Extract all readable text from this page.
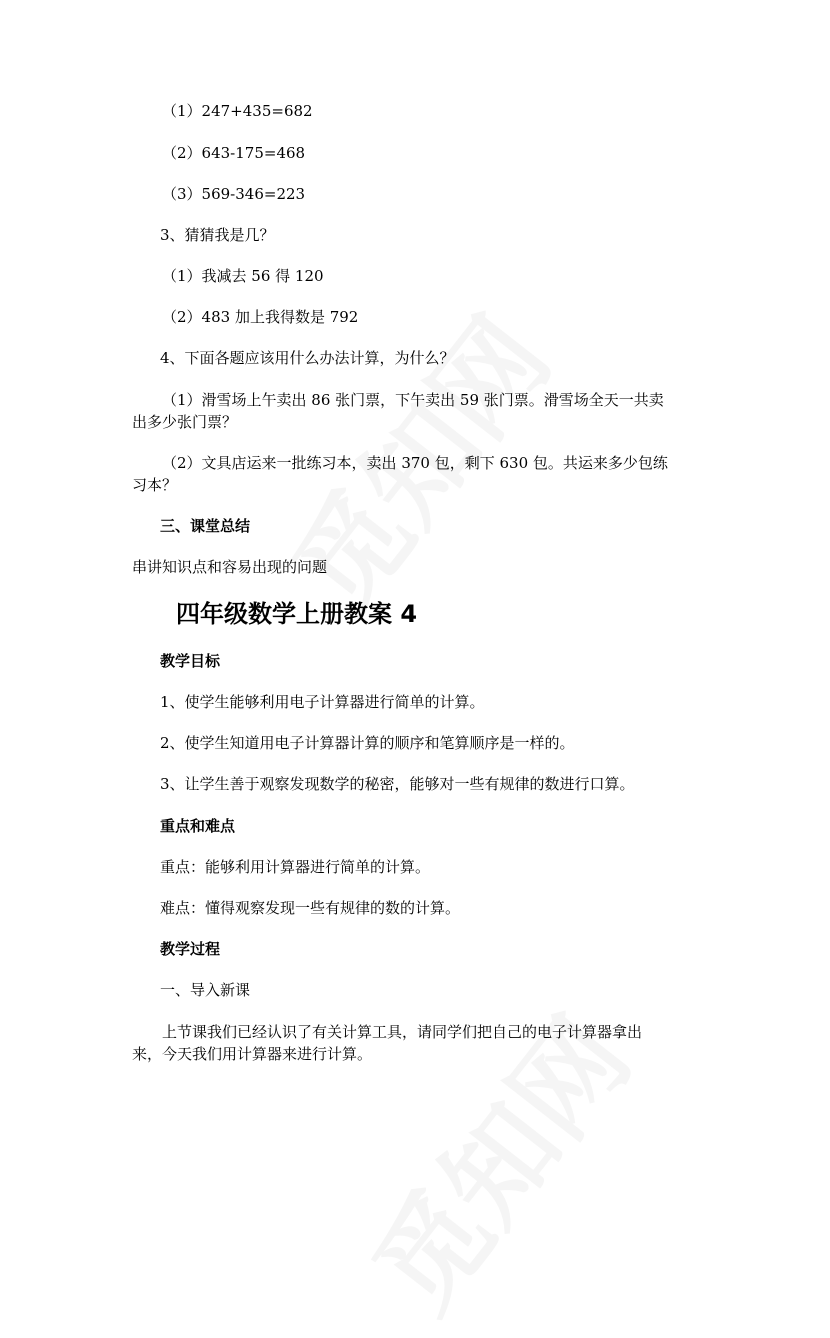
（1）247+435=682
（2）643-175=468
（3）569-346=223
3、猜猜我是几？
（1）我减去 56 得 120
（2）483 加上我得数是 792
4、下面各题应该用什么办法计算，为什么？
（1）滑雪场上午卖出 86 张门票，下午卖出 59 张门票。滑雪场全天一共卖
出多少张门票？
（2）文具店运来一批练习本，卖出 370 包，剩下 630 包。共运来多少包练
习本？
三、课堂总结
串讲知识点和容易出现的问题
四年级数学上册教案 4
教学目标
1、使学生能够利用电子计算器进行简单的计算。
2、使学生知道用电子计算器计算的顺序和笔算顺序是一样的。
3、让学生善于观察发现数学的秘密，能够对一些有规律的数进行口算。
重点和难点
重点：能够利用计算器进行简单的计算。
难点：懂得观察发现一些有规律的数的计算。
教学过程
一、导入新课
上节课我们已经认识了有关计算工具，请同学们把自己的电子计算器拿出
来，今天我们用计算器来进行计算。
